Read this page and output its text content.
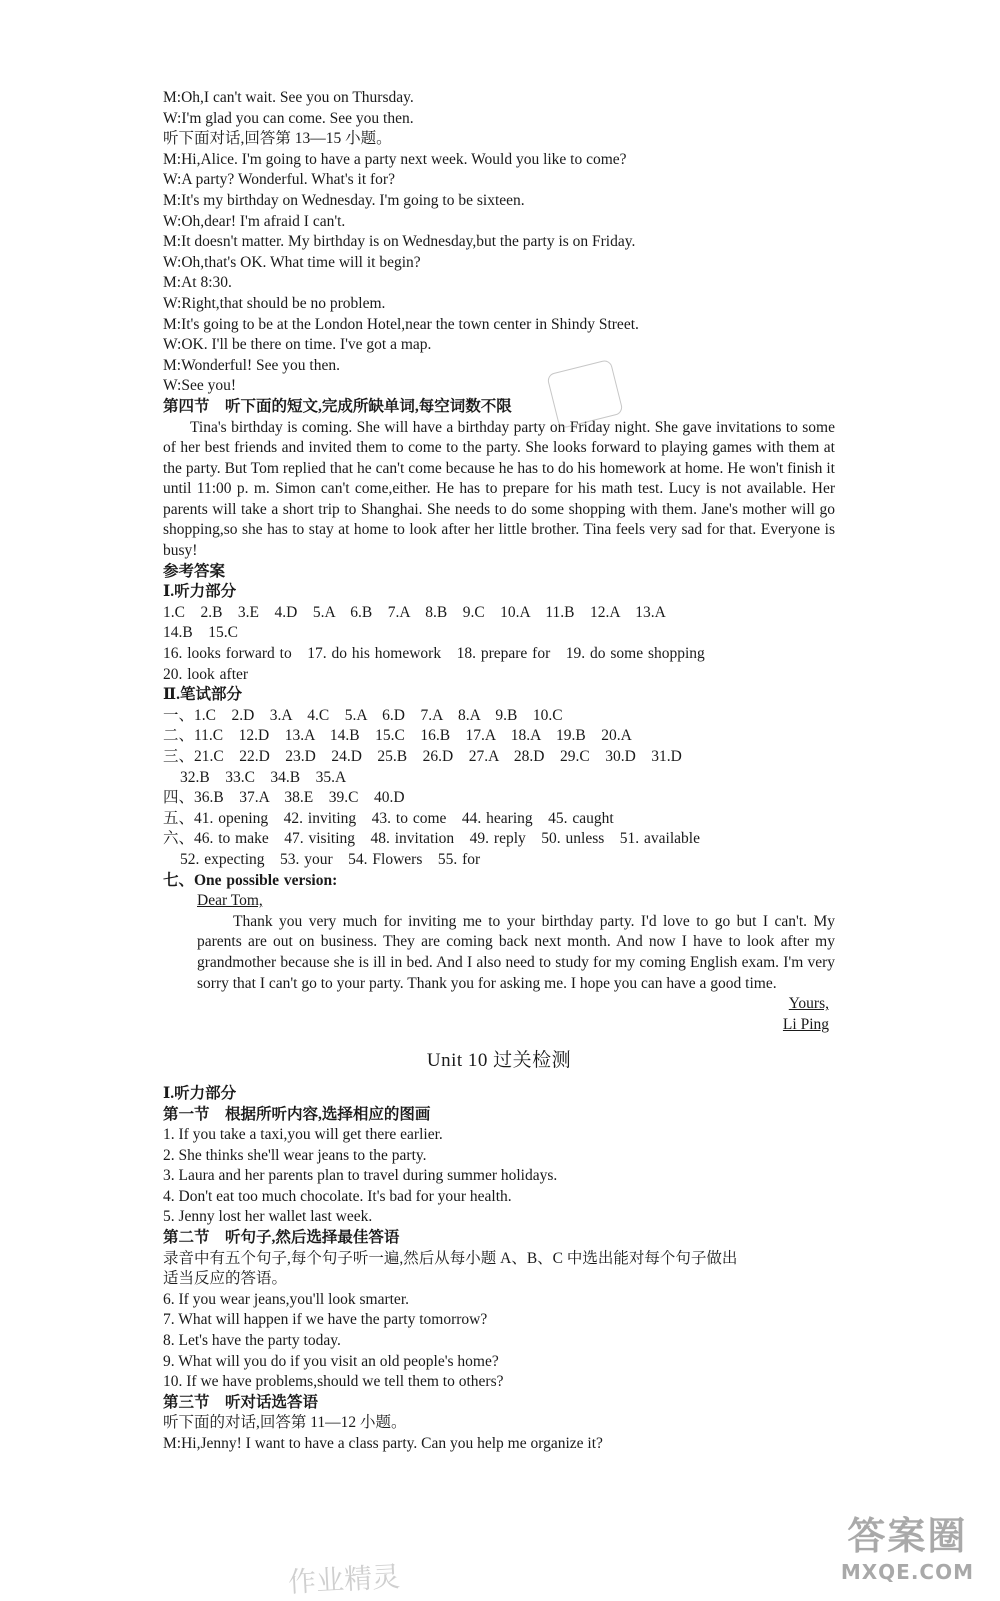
M:Oh,I can't wait. See you on Thursday.
W:I'm glad you can come. See you then.
听下面对话,回答第 13—15 小题。
M:Hi,Alice. I'm going to have a party next week. Would you like to come?
W:A party? Wonderful. What's it for?
M:It's my birthday on Wednesday. I'm going to be sixteen.
W:Oh,dear! I'm afraid I can't.
M:It doesn't matter. My birthday is on Wednesday,but the party is on Friday.
W:Oh,that's OK. What time will it begin?
M:At 8:30.
W:Right,that should be no problem.
M:It's going to be at the London Hotel,near the town center in Shindy Street.
W:OK. I'll be there on time. I've got a map.
M:Wonderful! See you then.
W:See you!
第四节　听下面的短文,完成所缺单词,每空词数不限
Tina's birthday is coming. She will have a birthday party on Friday night. She gave invitations to some of her best friends and invited them to come to the party. She looks forward to playing games with them at the party. But Tom replied that he can't come because he has to do his homework at home. He won't finish it until 11:00 p. m. Simon can't come,either. He has to prepare for his math test. Lucy is not available. Her parents will take a short trip to Shanghai. She needs to do some shopping with them. Jane's mother will go shopping,so she has to stay at home to look after her little brother. Tina feels very sad for that. Everyone is busy!
参考答案
Ⅰ.听力部分
1.C　2.B　3.E　4.D　5.A　6.B　7.A　8.B　9.C　10.A　11.B　12.A　13.A
14.B　15.C
16. looks forward to　17. do his homework　18. prepare for　19. do some shopping
20. look after
Ⅱ.笔试部分
一、1.C　2.D　3.A　4.C　5.A　6.D　7.A　8.A　9.B　10.C
二、11.C　12.D　13.A　14.B　15.C　16.B　17.A　18.A　19.B　20.A
三、21.C　22.D　23.D　24.D　25.B　26.D　27.A　28.D　29.C　30.D　31.D
32.B　33.C　34.B　35.A
四、36.B　37.A　38.E　39.C　40.D
五、41. opening　42. inviting　43. to come　44. hearing　45. caught
六、46. to make　47. visiting　48. invitation　49. reply　50. unless　51. available
52. expecting　53. your　54. Flowers　55. for
七、One possible version:
Dear Tom,
Thank you very much for inviting me to your birthday party. I'd love to go but I can't. My parents are out on business. They are coming back next month. And now I have to look after my grandmother because she is ill in bed. And I also need to study for my coming English exam. I'm very sorry that I can't go to your party. Thank you for asking me. I hope you can have a good time.
Yours,
Li Ping
Unit 10 过关检测
Ⅰ.听力部分
第一节　根据所听内容,选择相应的图画
1. If you take a taxi,you will get there earlier.
2. She thinks she'll wear jeans to the party.
3. Laura and her parents plan to travel during summer holidays.
4. Don't eat too much chocolate. It's bad for your health.
5. Jenny lost her wallet last week.
第二节　听句子,然后选择最佳答语
录音中有五个句子,每个句子听一遍,然后从每小题 A、B、C 中选出能对每个句子做出
适当反应的答语。
6. If you wear jeans,you'll look smarter.
7. What will happen if we have the party tomorrow?
8. Let's have the party today.
9. What will you do if you visit an old people's home?
10. If we have problems,should we tell them to others?
第三节　听对话选答语
听下面的对话,回答第 11—12 小题。
M:Hi,Jenny! I want to have a class party. Can you help me organize it?
作业精灵
答案圈
MXQE.COM
